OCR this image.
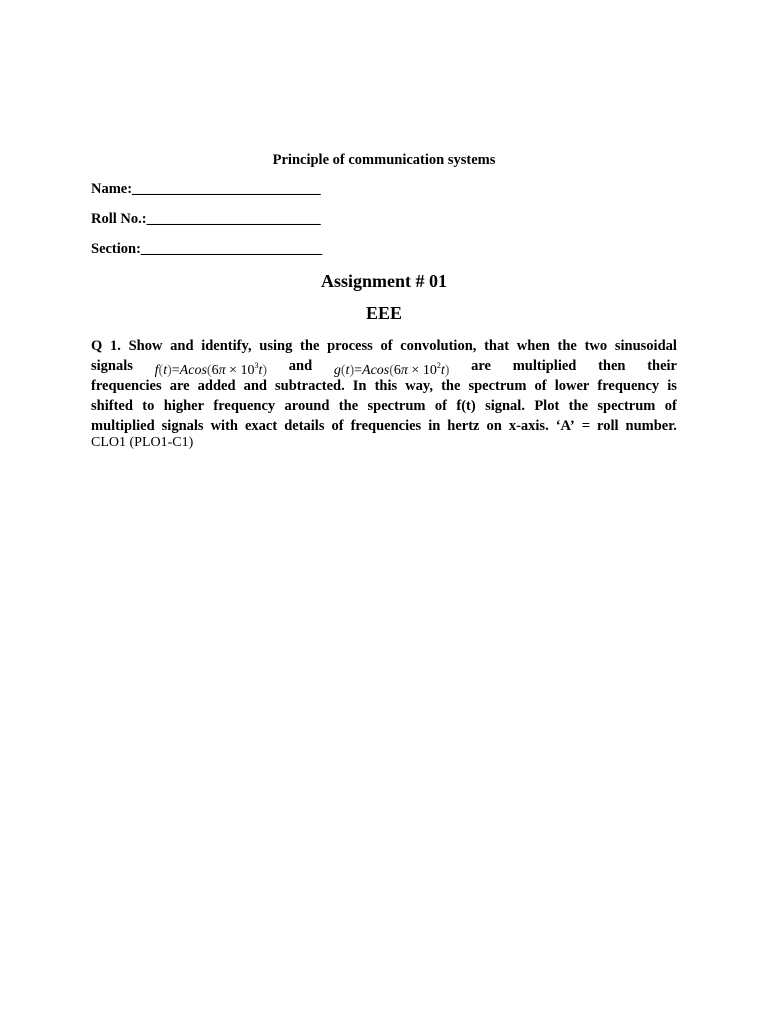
Principle of communication systems
Name:__________________________
Roll No.:________________________
Section:_________________________
Assignment # 01
EEE
Q 1. Show and identify, using the process of convolution, that when the two sinusoidal
signals $f(t)=Acos(6\pi \times 10^3t)$ and $g(t)=Acos(6\pi \times 10^2t)$ are multiplied then their
frequencies are added and subtracted. In this way, the spectrum of lower frequency is
shifted to higher frequency around the spectrum of f(t) signal. Plot the spectrum of
multiplied signals with exact details of frequencies in hertz on x-axis. ‘A’ = roll number.
CLO1 (PLO1-C1)
